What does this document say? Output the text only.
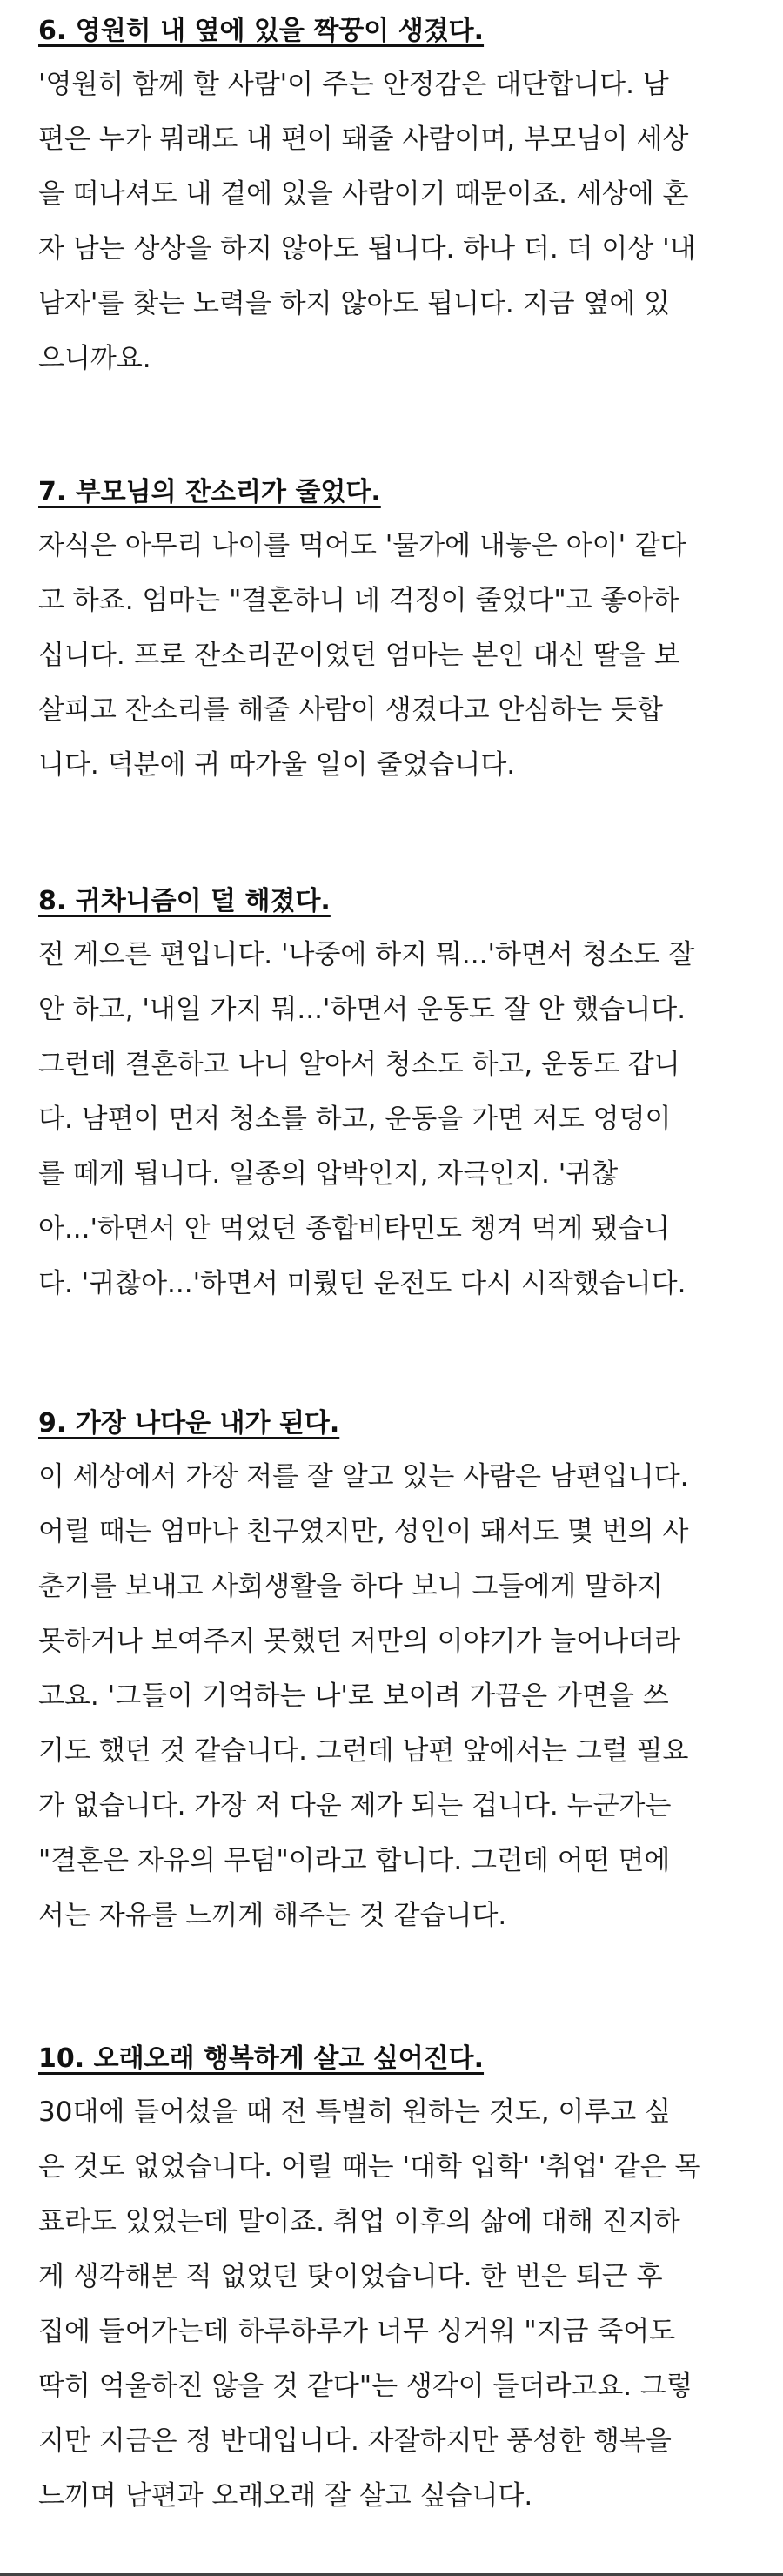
6. 영원히 내 옆에 있을 짝꿍이 생겼다.

'영원히 함께 할 사람'이 주는 안정감은 대단합니다. 남
편은 누가 뭐래도 내 편이 돼줄 사람이며, 부모님이 세상
을 떠나셔도 내 곁에 있을 사람이기 때문이죠. 세상에 혼
자 남는 상상을 하지 않아도 됩니다. 하나 더. 더 이상 '내
남자'를 찾는 노력을 하지 않아도 됩니다. 지금 옆에 있
으니까요.

7. 부모님의 잔소리가 줄었다.

자식은 아무리 나이를 먹어도 '물가에 내놓은 아이' 같다
고 하죠. 엄마는 "결혼하니 네 걱정이 줄었다"고 좋아하
십니다. 프로 잔소리꾼이었던 엄마는 본인 대신 딸을 보
살피고 잔소리를 해줄 사람이 생겼다고 안심하는 듯합
니다. 덕분에 귀 따가울 일이 줄었습니다.

8. 귀차니즘이 덜 해졌다.

전 게으른 편입니다. '나중에 하지 뭐...'하면서 청소도 잘
안 하고, '내일 가지 뭐...'하면서 운동도 잘 안 했습니다.
그런데 결혼하고 나니 알아서 청소도 하고, 운동도 갑니
다. 남편이 먼저 청소를 하고, 운동을 가면 저도 엉덩이
를 떼게 됩니다. 일종의 압박인지, 자극인지. '귀찮
아...'하면서 안 먹었던 종합비타민도 챙겨 먹게 됐습니
다. '귀찮아...'하면서 미뤘던 운전도 다시 시작했습니다.

9. 가장 나다운 내가 된다.

이 세상에서 가장 저를 잘 알고 있는 사람은 남편입니다.
어릴 때는 엄마나 친구였지만, 성인이 돼서도 몇 번의 사
춘기를 보내고 사회생활을 하다 보니 그들에게 말하지
못하거나 보여주지 못했던 저만의 이야기가 늘어나더라
고요. '그들이 기억하는 나'로 보이려 가끔은 가면을 쓰
기도 했던 것 같습니다. 그런데 남편 앞에서는 그럴 필요
가 없습니다. 가장 저 다운 제가 되는 겁니다. 누군가는
"결혼은 자유의 무덤"이라고 합니다. 그런데 어떤 면에
서는 자유를 느끼게 해주는 것 같습니다.

10. 오래오래 행복하게 살고 싶어진다.

30대에 들어섰을 때 전 특별히 원하는 것도, 이루고 싶
은 것도 없었습니다. 어릴 때는 '대학 입학' '취업' 같은 목
표라도 있었는데 말이죠. 취업 이후의 삶에 대해 진지하
게 생각해본 적 없었던 탓이었습니다. 한 번은 퇴근 후
집에 들어가는데 하루하루가 너무 싱거워 "지금 죽어도
딱히 억울하진 않을 것 같다"는 생각이 들더라고요. 그렇
지만 지금은 정 반대입니다. 자잘하지만 풍성한 행복을
느끼며 남편과 오래오래 잘 살고 싶습니다.
